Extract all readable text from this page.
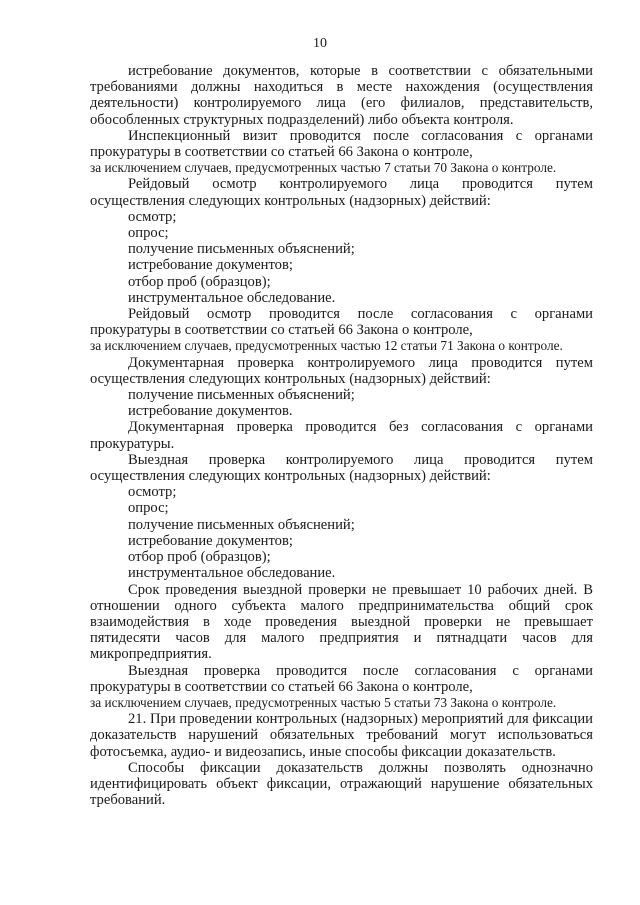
10

истребование документов, которые в соответствии с обязательными требованиями должны находиться в месте нахождения (осуществления деятельности) контролируемого лица (его филиалов, представительств, обособленных структурных подразделений) либо объекта контроля.

Инспекционный визит проводится после согласования с органами прокуратуры в соответствии со статьей 66 Закона о контроле,

за исключением случаев, предусмотренных частью 7 статьи 70 Закона о контроле.

Рейдовый осмотр контролируемого лица проводится путем осуществления следующих контрольных (надзорных) действий:

осмотр;

опрос;

получение письменных объяснений;

истребование документов;

отбор проб (образцов);

инструментальное обследование.

Рейдовый осмотр проводится после согласования с органами прокуратуры в соответствии со статьей 66 Закона о контроле,

за исключением случаев, предусмотренных частью 12 статьи 71 Закона о контроле.

Документарная проверка контролируемого лица проводится путем осуществления следующих контрольных (надзорных) действий:

получение письменных объяснений;

истребование документов.

Документарная проверка проводится без согласования с органами прокуратуры.

Выездная проверка контролируемого лица проводится путем осуществления следующих контрольных (надзорных) действий:

осмотр;

опрос;

получение письменных объяснений;

истребование документов;

отбор проб (образцов);

инструментальное обследование.

Срок проведения выездной проверки не превышает 10 рабочих дней. В отношении одного субъекта малого предпринимательства общий срок взаимодействия в ходе проведения выездной проверки не превышает пятидесяти часов для малого предприятия и пятнадцати часов для микропредприятия.

Выездная проверка проводится после согласования с органами прокуратуры в соответствии со статьей 66 Закона о контроле,

за исключением случаев, предусмотренных частью 5 статьи 73 Закона о контроле.

21. При проведении контрольных (надзорных) мероприятий для фиксации доказательств нарушений обязательных требований могут использоваться фотосъемка, аудио- и видеозапись, иные способы фиксации доказательств.

Способы фиксации доказательств должны позволять однозначно идентифицировать объект фиксации, отражающий нарушение обязательных требований.
